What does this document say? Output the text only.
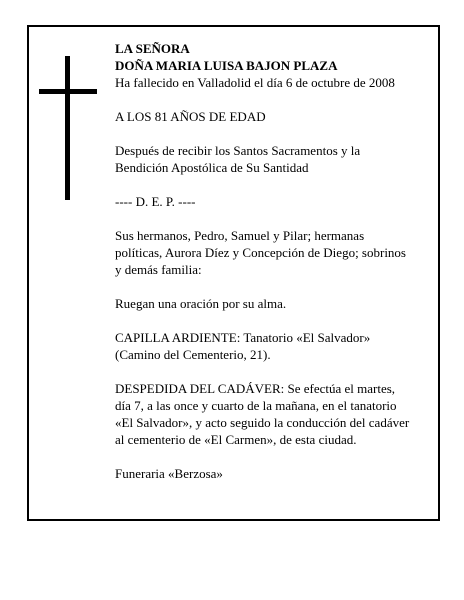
LA SEÑORA

DOÑA MARIA LUISA BAJON PLAZA

Ha fallecido en Valladolid el día 6 de octubre de 2008

A LOS 81 AÑOS DE EDAD

Después de recibir los Santos Sacramentos y la

Bendición Apostólica de Su Santidad

---- D. E. P. ----

Sus hermanos, Pedro, Samuel y Pilar; hermanas

políticas, Aurora Díez y Concepción de Diego; sobrinos

y demás familia:

Ruegan una oración por su alma.

CAPILLA ARDIENTE: Tanatorio «El Salvador»

(Camino del Cementerio, 21).

DESPEDIDA DEL CADÁVER: Se efectúa el martes,

día 7, a las once y cuarto de la mañana, en el tanatorio

«El Salvador», y acto seguido la conducción del cadáver

al cementerio de «El Carmen», de esta ciudad.

Funeraria «Berzosa»
